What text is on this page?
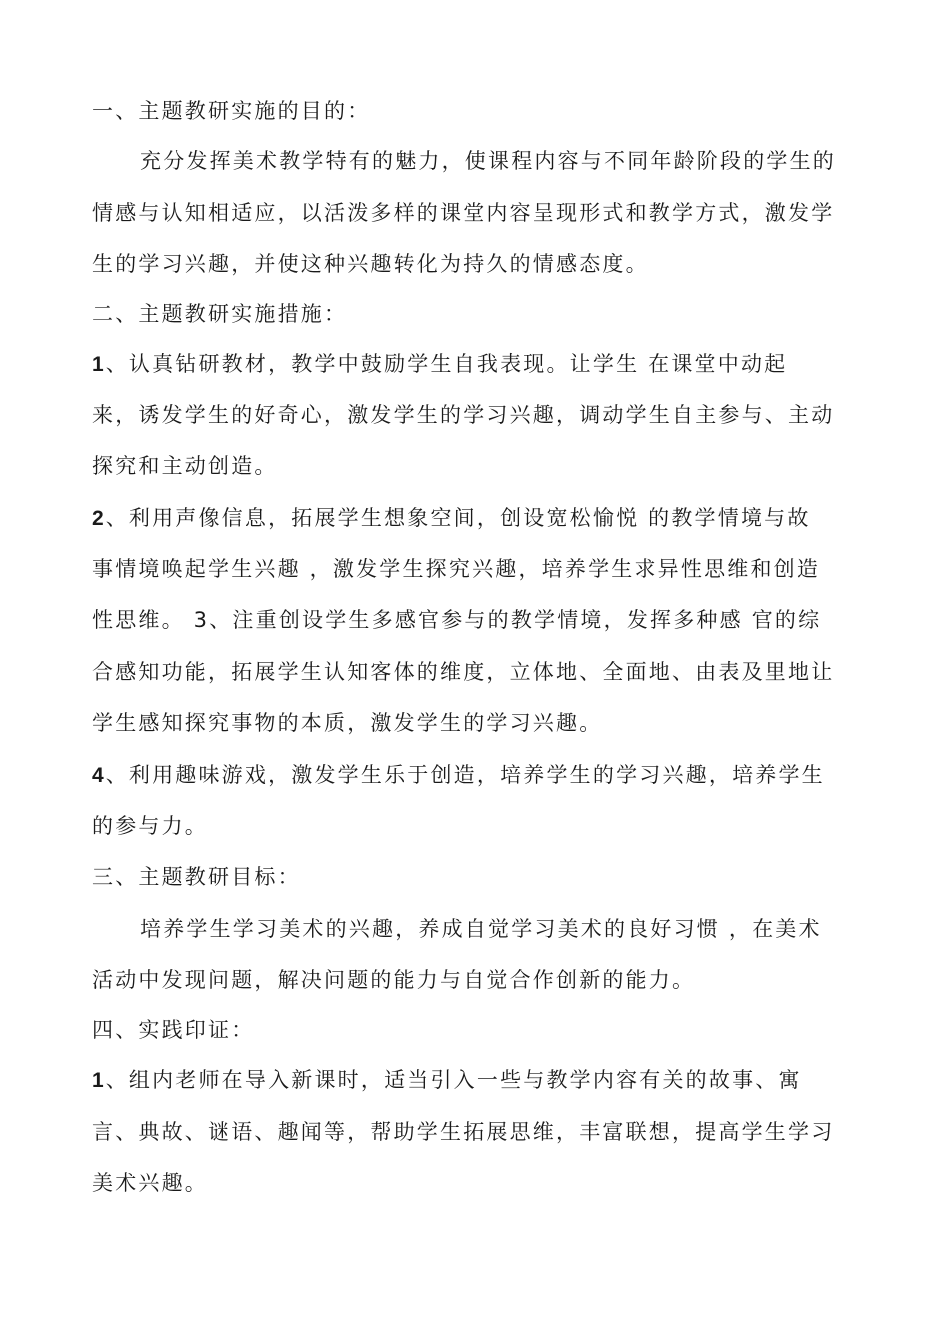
一、主题教研实施的目的：
充分发挥美术教学特有的魅力，使课程内容与不同年龄阶段的学生的
情感与认知相适应，以活泼多样的课堂内容呈现形式和教学方式，激发学
生的学习兴趣，并使这种兴趣转化为持久的情感态度。
二、主题教研实施措施：
1、认真钻研教材，教学中鼓励学生自我表现。让学生 在课堂中动起
来，诱发学生的好奇心，激发学生的学习兴趣，调动学生自主参与、主动
探究和主动创造。
2、利用声像信息，拓展学生想象空间，创设宽松愉悦 的教学情境与故
事情境唤起学生兴趣 ，激发学生探究兴趣，培养学生求异性思维和创造
性思维。 3、注重创设学生多感官参与的教学情境，发挥多种感 官的综
合感知功能，拓展学生认知客体的维度，立体地、全面地、由表及里地让
学生感知探究事物的本质，激发学生的学习兴趣。
4、利用趣味游戏，激发学生乐于创造，培养学生的学习兴趣，培养学生
的参与力。
三、主题教研目标：
培养学生学习美术的兴趣，养成自觉学习美术的良好习惯 ，在美术
活动中发现问题，解决问题的能力与自觉合作创新的能力。
四、实践印证：
1、组内老师在导入新课时，适当引入一些与教学内容有关的故事、寓
言、典故、谜语、趣闻等，帮助学生拓展思维，丰富联想，提高学生学习
美术兴趣。
